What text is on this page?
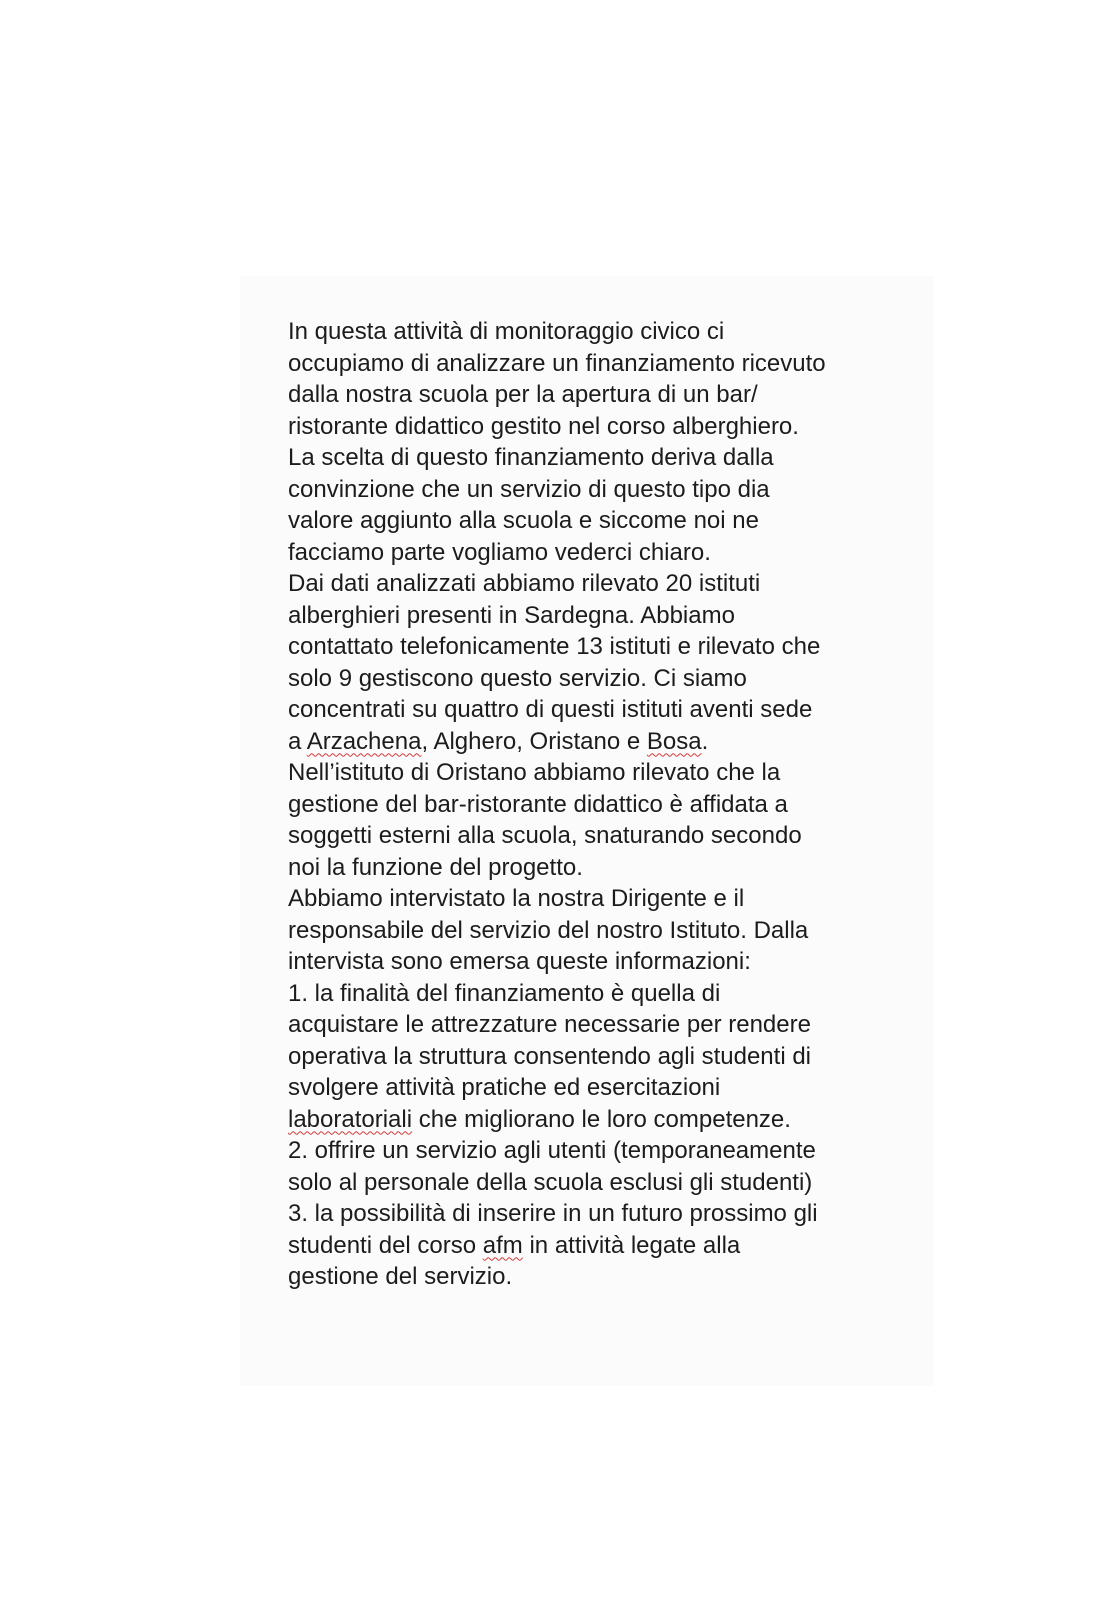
In questa attività di monitoraggio civico ci
occupiamo di analizzare un finanziamento ricevuto
dalla nostra scuola per la apertura di un bar/
ristorante didattico gestito nel corso alberghiero.
La scelta di questo finanziamento deriva dalla
convinzione che un servizio di questo tipo dia
valore aggiunto alla scuola e siccome noi ne
facciamo parte vogliamo vederci chiaro.
Dai dati analizzati abbiamo rilevato 20 istituti
alberghieri presenti in Sardegna. Abbiamo
contattato telefonicamente 13 istituti e rilevato che
solo 9 gestiscono questo servizio. Ci siamo
concentrati su quattro di questi istituti aventi sede
a Arzachena, Alghero, Oristano e Bosa.
Nell’istituto di Oristano abbiamo rilevato che la
gestione del bar-ristorante didattico è affidata a
soggetti esterni alla scuola, snaturando secondo
noi la funzione del progetto.
Abbiamo intervistato la nostra Dirigente e il
responsabile del servizio del nostro Istituto. Dalla
intervista sono emersa queste informazioni:
1. la finalità del finanziamento è quella di
acquistare le attrezzature necessarie per rendere
operativa la struttura consentendo agli studenti di
svolgere attività pratiche ed esercitazioni
laboratoriali che migliorano le loro competenze.
2. offrire un servizio agli utenti (temporaneamente
solo al personale della scuola esclusi gli studenti)
3. la possibilità di inserire in un futuro prossimo gli
studenti del corso afm in attività legate alla
gestione del servizio.
